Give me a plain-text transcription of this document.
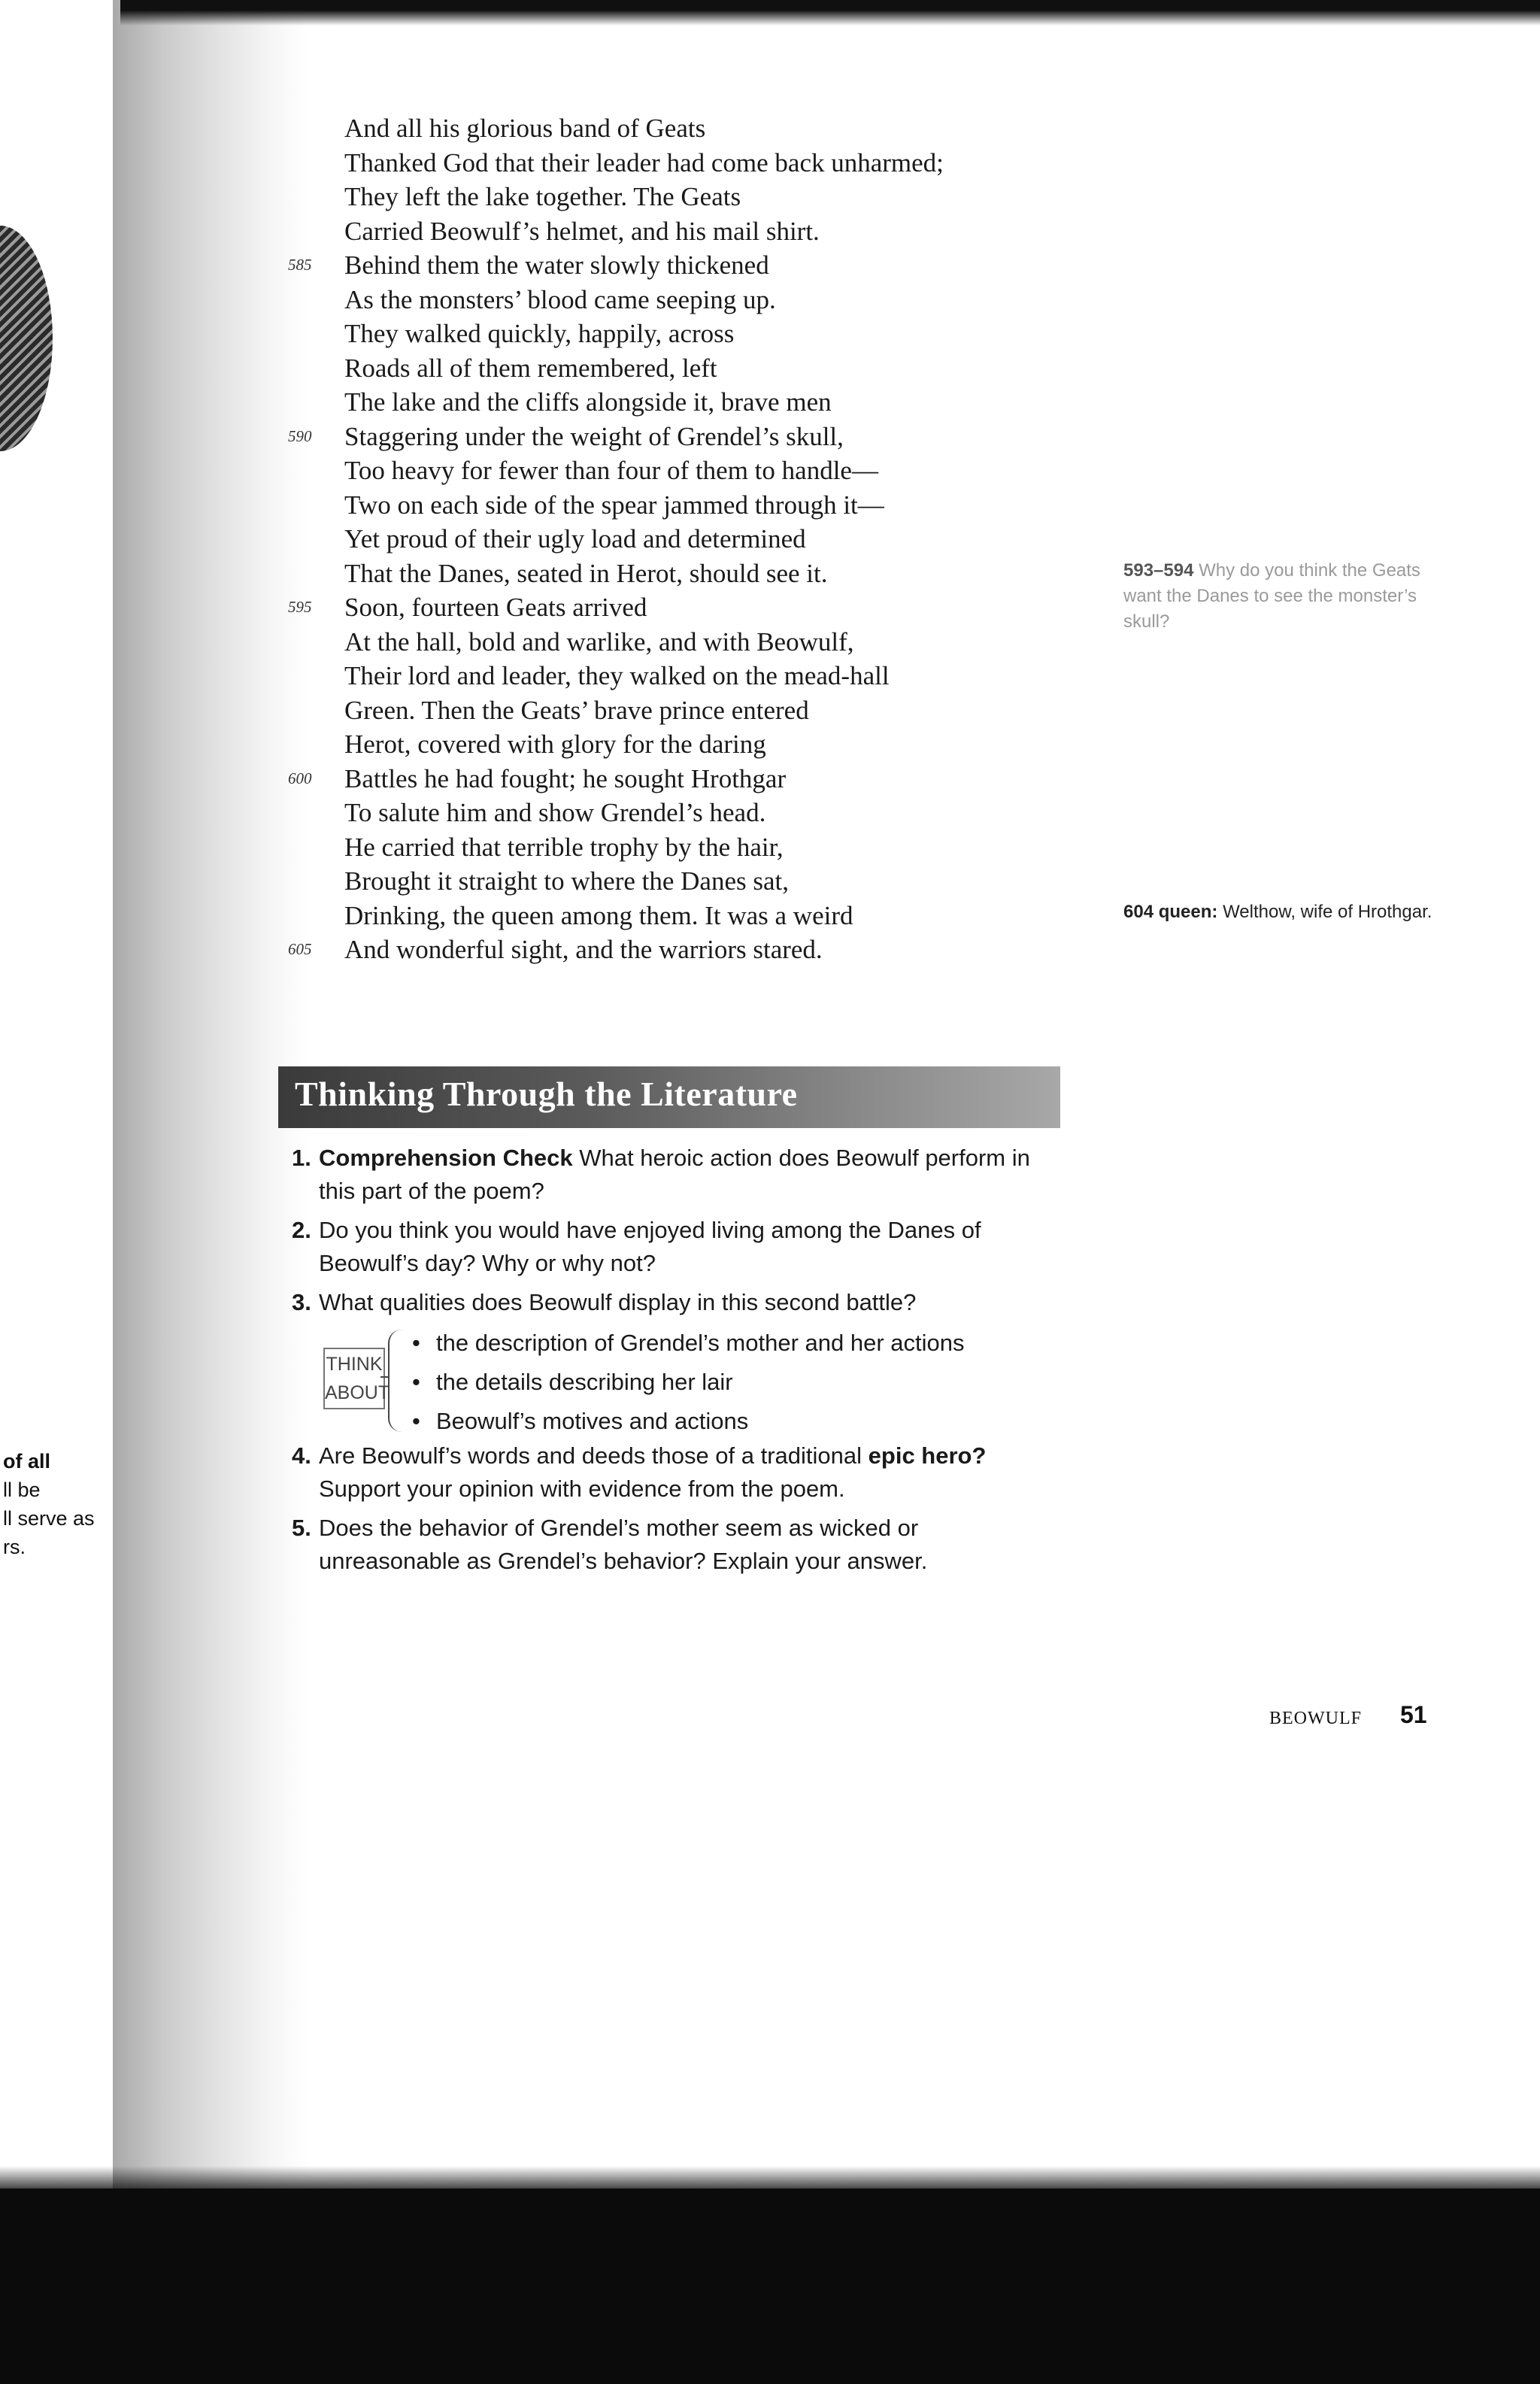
of all
ll be
ll serve as
rs.
And all his glorious band of Geats
Thanked God that their leader had come back unharmed;
They left the lake together. The Geats
Carried Beowulf’s helmet, and his mail shirt.
585 Behind them the water slowly thickened
As the monsters’ blood came seeping up.
They walked quickly, happily, across
Roads all of them remembered, left
The lake and the cliffs alongside it, brave men
590 Staggering under the weight of Grendel’s skull,
Too heavy for fewer than four of them to handle—
Two on each side of the spear jammed through it—
Yet proud of their ugly load and determined
That the Danes, seated in Herot, should see it.
595 Soon, fourteen Geats arrived
At the hall, bold and warlike, and with Beowulf,
Their lord and leader, they walked on the mead-hall
Green. Then the Geats’ brave prince entered
Herot, covered with glory for the daring
600 Battles he had fought; he sought Hrothgar
To salute him and show Grendel’s head.
He carried that terrible trophy by the hair,
Brought it straight to where the Danes sat,
Drinking, the queen among them. It was a weird
605 And wonderful sight, and the warriors stared.
593–594 Why do you think the Geats want the Danes to see the monster’s skull?
604 queen: Welthow, wife of Hrothgar.
Thinking Through the Literature
1. Comprehension Check What heroic action does Beowulf perform in this part of the poem?
2. Do you think you would have enjoyed living among the Danes of Beowulf’s day? Why or why not?
3. What qualities does Beowulf display in this second battle?
THINK
ABOUT
• the description of Grendel’s mother and her actions
• the details describing her lair
• Beowulf’s motives and actions
4. Are Beowulf’s words and deeds those of a traditional epic hero? Support your opinion with evidence from the poem.
5. Does the behavior of Grendel’s mother seem as wicked or unreasonable as Grendel’s behavior? Explain your answer.
BEOWULF 51
